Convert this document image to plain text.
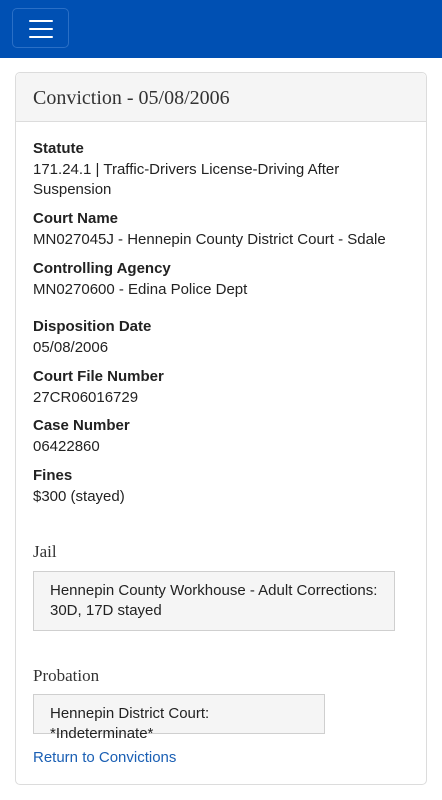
Conviction - 05/08/2006

Statute

171.24.1 | Traffic-Drivers License-Driving After Suspension

Court Name

MN027045J - Hennepin County District Court - Sdale

Controlling Agency

MN0270600 - Edina Police Dept

Disposition Date

05/08/2006

Court File Number

27CR06016729

Case Number

06422860

Fines

$300 (stayed)

Jail
Hennepin County Workhouse - Adult Corrections: 30D, 17D stayed
Probation
Hennepin District Court: *Indeterminate*
Return to Convictions
